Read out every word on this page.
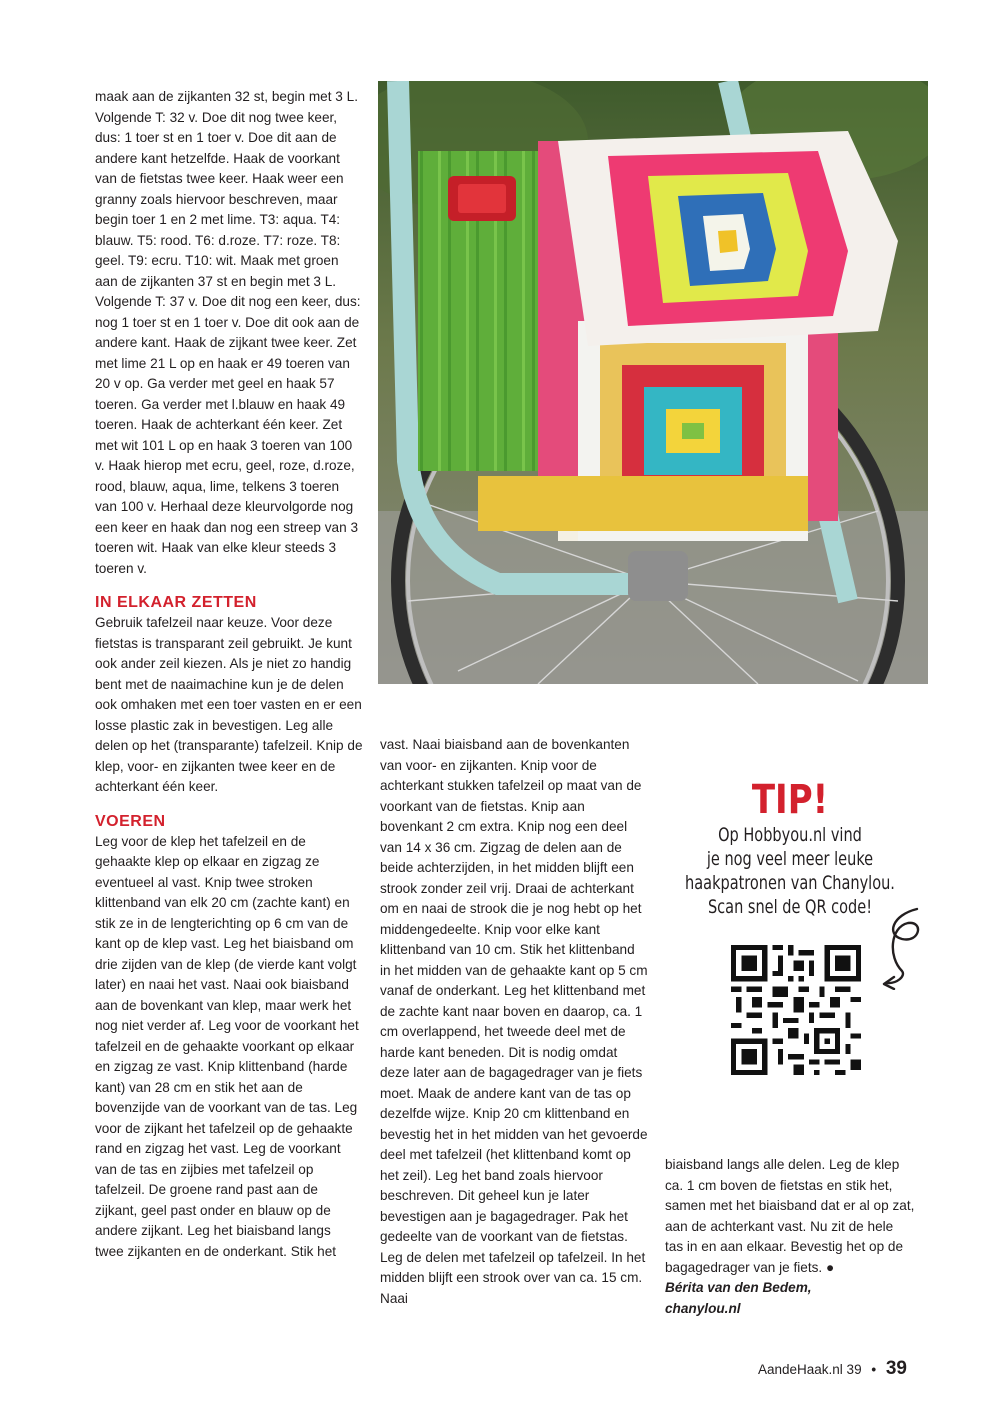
maak aan de zijkanten 32 st, begin met 3 L. Volgende T: 32 v. Doe dit nog twee keer, dus: 1 toer st en 1 toer v. Doe dit aan de andere kant hetzelfde. Haak de voorkant van de fietstas twee keer. Haak weer een granny zoals hiervoor beschreven, maar begin toer 1 en 2 met lime. T3: aqua. T4: blauw. T5: rood. T6: d.roze. T7: roze. T8: geel. T9: ecru. T10: wit. Maak met groen aan de zijkanten 37 st en begin met 3 L. Volgende T: 37 v. Doe dit nog een keer, dus: nog 1 toer st en 1 toer v. Doe dit ook aan de andere kant. Haak de zijkant twee keer. Zet met lime 21 L op en haak er 49 toeren van 20 v op. Ga verder met geel en haak 57 toeren. Ga verder met l.blauw en haak 49 toeren. Haak de achterkant één keer. Zet met wit 101 L op en haak 3 toeren van 100 v. Haak hierop met ecru, geel, roze, d.roze, rood, blauw, aqua, lime, telkens 3 toeren van 100 v. Herhaal deze kleurvolgorde nog een keer en haak dan nog een streep van 3 toeren wit. Haak van elke kleur steeds 3 toeren v.

IN ELKAAR ZETTEN

Gebruik tafelzeil naar keuze. Voor deze fietstas is transparant zeil gebruikt. Je kunt ook ander zeil kiezen. Als je niet zo handig bent met de naaimachine kun je de delen ook omhaken met een toer vasten en er een losse plastic zak in bevestigen. Leg alle delen op het (transparante) tafelzeil. Knip de klep, voor- en zijkanten twee keer en de achterkant één keer.

VOEREN

Leg voor de klep het tafelzeil en de gehaakte klep op elkaar en zigzag ze eventueel al vast. Knip twee stroken klittenband van elk 20 cm (zachte kant) en stik ze in de lengterichting op 6 cm van de kant op de klep vast. Leg het biaisband om drie zijden van de klep (de vierde kant volgt later) en naai het vast. Naai ook biaisband aan de bovenkant van klep, maar werk het nog niet verder af. Leg voor de voorkant het tafelzeil en de gehaakte voorkant op elkaar en zigzag ze vast. Knip klittenband (harde kant) van 28 cm en stik het aan de bovenzijde van de voorkant van de tas. Leg voor de zijkant het tafelzeil op de gehaakte rand en zigzag het vast. Leg de voorkant van de tas en zijbies met tafelzeil op tafelzeil. De groene rand past aan de zijkant, geel past onder en blauw op de andere zijkant. Leg het biaisband langs twee zijkanten en de onderkant. Stik het

vast. Naai biaisband aan de bovenkanten van voor- en zijkanten. Knip voor de achterkant stukken tafelzeil op maat van de voorkant van de fietstas. Knip aan bovenkant 2 cm extra. Knip nog een deel van 14 x 36 cm. Zigzag de delen aan de beide achterzijden, in het midden blijft een strook zonder zeil vrij. Draai de achterkant om en naai de strook die je nog hebt op het middengedeelte. Knip voor elke kant klittenband van 10 cm. Stik het klittenband in het midden van de gehaakte kant op 5 cm vanaf de onderkant. Leg het klittenband met de zachte kant naar boven en daarop, ca. 1 cm overlappend, het tweede deel met de harde kant beneden. Dit is nodig omdat deze later aan de bagagedrager van je fiets moet. Maak de andere kant van de tas op dezelfde wijze. Knip 20 cm klittenband en bevestig het in het midden van het gevoerde deel met tafelzeil (het klittenband komt op het zeil). Leg het band zoals hiervoor beschreven. Dit geheel kun je later bevestigen aan je bagagedrager. Pak het gedeelte van de voorkant van de fietstas. Leg de delen met tafelzeil op tafelzeil. In het midden blijft een strook over van ca. 15 cm. Naai

biaisband langs alle delen. Leg de klep ca. 1 cm boven de fietstas en stik het, samen met het biaisband dat er al op zat, aan de achterkant vast. Nu zit de hele tas in en aan elkaar. Bevestig het op de bagagedrager van je fiets. ●

Bérita van den Bedem,

chanylou.nl

TIP!
Op Hobbyou.nl vind
je nog veel meer leuke
haakpatronen van Chanylou.
Scan snel de QR code!
AandeHaak.nl 39 • 39
